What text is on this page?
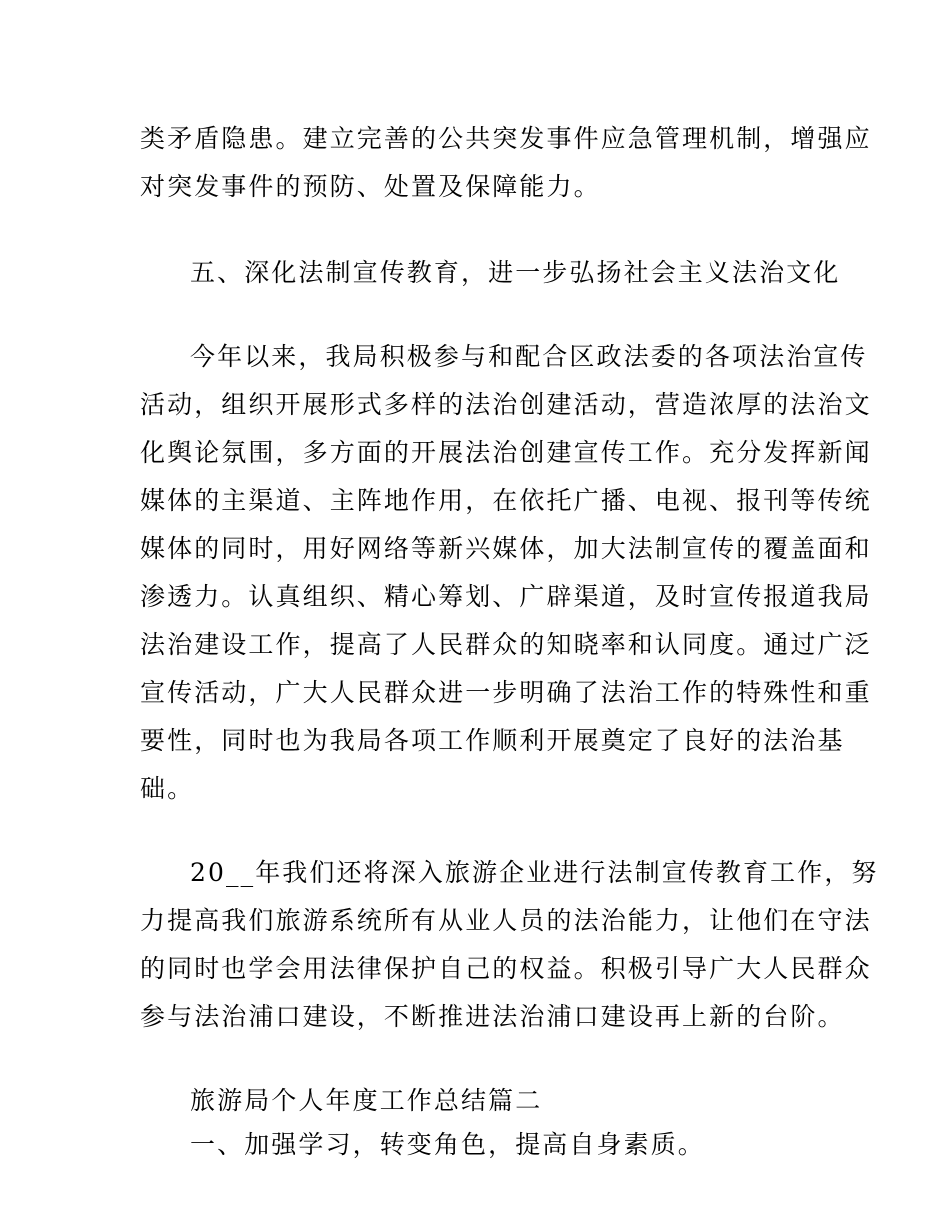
类矛盾隐患。建立完善的公共突发事件应急管理机制，增强应
对突发事件的预防、处置及保障能力。
五、深化法制宣传教育，进一步弘扬社会主义法治文化
今年以来，我局积极参与和配合区政法委的各项法治宣传
活动，组织开展形式多样的法治创建活动，营造浓厚的法治文
化舆论氛围，多方面的开展法治创建宣传工作。充分发挥新闻
媒体的主渠道、主阵地作用，在依托广播、电视、报刊等传统
媒体的同时，用好网络等新兴媒体，加大法制宣传的覆盖面和
渗透力。认真组织、精心筹划、广辟渠道，及时宣传报道我局
法治建设工作，提高了人民群众的知晓率和认同度。通过广泛
宣传活动，广大人民群众进一步明确了法治工作的特殊性和重
要性，同时也为我局各项工作顺利开展奠定了良好的法治基
础。
20__年我们还将深入旅游企业进行法制宣传教育工作，努
力提高我们旅游系统所有从业人员的法治能力，让他们在守法
的同时也学会用法律保护自己的权益。积极引导广大人民群众
参与法治浦口建设，不断推进法治浦口建设再上新的台阶。
旅游局个人年度工作总结篇二
一、加强学习，转变角色，提高自身素质。
